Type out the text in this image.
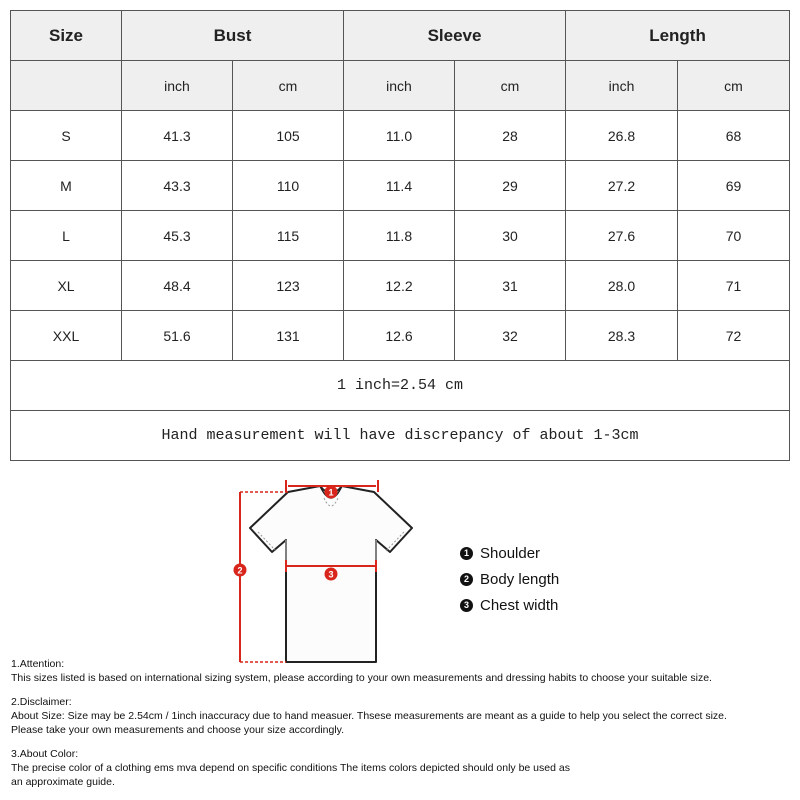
Size	Bust		Sleeve		Length	
	inch	cm	inch	cm	inch	cm
S	41.3	105	11.0	28	26.8	68
M	43.3	110	11.4	29	27.2	69
L	45.3	115	11.8	30	27.6	70
XL	48.4	123	12.2	31	28.0	71
XXL	51.6	131	12.6	32	28.3	72
1 inch=2.54 cm						
Hand measurement will have discrepancy of about 1-3cm						
1
2	3
1 Shoulder
2 Body length
3 Chest width

1.Attention:

This sizes listed is based on international sizing system, please according to your own measurements and dressing habits to choose your suitable size.

2.Disclaimer:

About Size: Size may be 2.54cm / 1inch inaccuracy due to hand measuer. Thsese measurements are meant as a guide to help you select the correct size.

Please take your own measurements and choose your size accordingly.

3.About Color:

The precise color of a clothing ems mva depend on specific conditions The items colors depicted should only be used as

an approximate guide.
